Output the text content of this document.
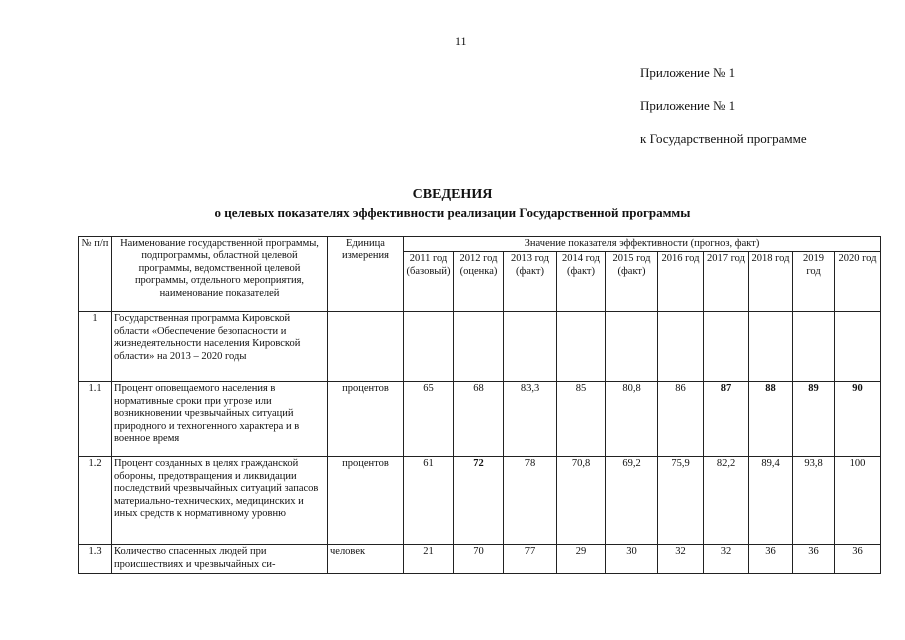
11
Приложение № 1
Приложение № 1
к Государственной программе
СВЕДЕНИЯ
о целевых показателях эффективности реализации Государственной программы
№ п/п	Наименование государственной программы, подпрограммы, областной целевой программы, ведомственной целевой программы, отдельного мероприятия, наименование показателей	Единица измерения	Значение показателя эффективности (прогноз, факт)									
			2011 год (базовый)	2012 год (оценка)	2013 год (факт)	2014 год (факт)	2015 год (факт)	2016 год	2017 год	2018 год	2019 год	2020 год
1	Государственная программа Кировской области «Обеспечение безопасности и жизнедеятельности населения Кировской области» на 2013 – 2020 годы											
1.1	Процент оповещаемого населения в нормативные сроки при угрозе или возникновении чрезвычайных ситуаций природного и техногенного характера и в военное время	процентов	65	68	83,3	85	80,8	86	87	88	89	90
1.2	Процент созданных в целях гражданской обороны, предотвращения и ликвидации последствий чрезвычайных ситуаций запасов материально-технических, медицинских и иных средств к нормативному уровню	процентов	61	72	78	70,8	69,2	75,9	82,2	89,4	93,8	100
1.3	Количество спасенных людей при происшествиях и чрезвычайных си-	человек	21	70	77	29	30	32	32	36	36	36
